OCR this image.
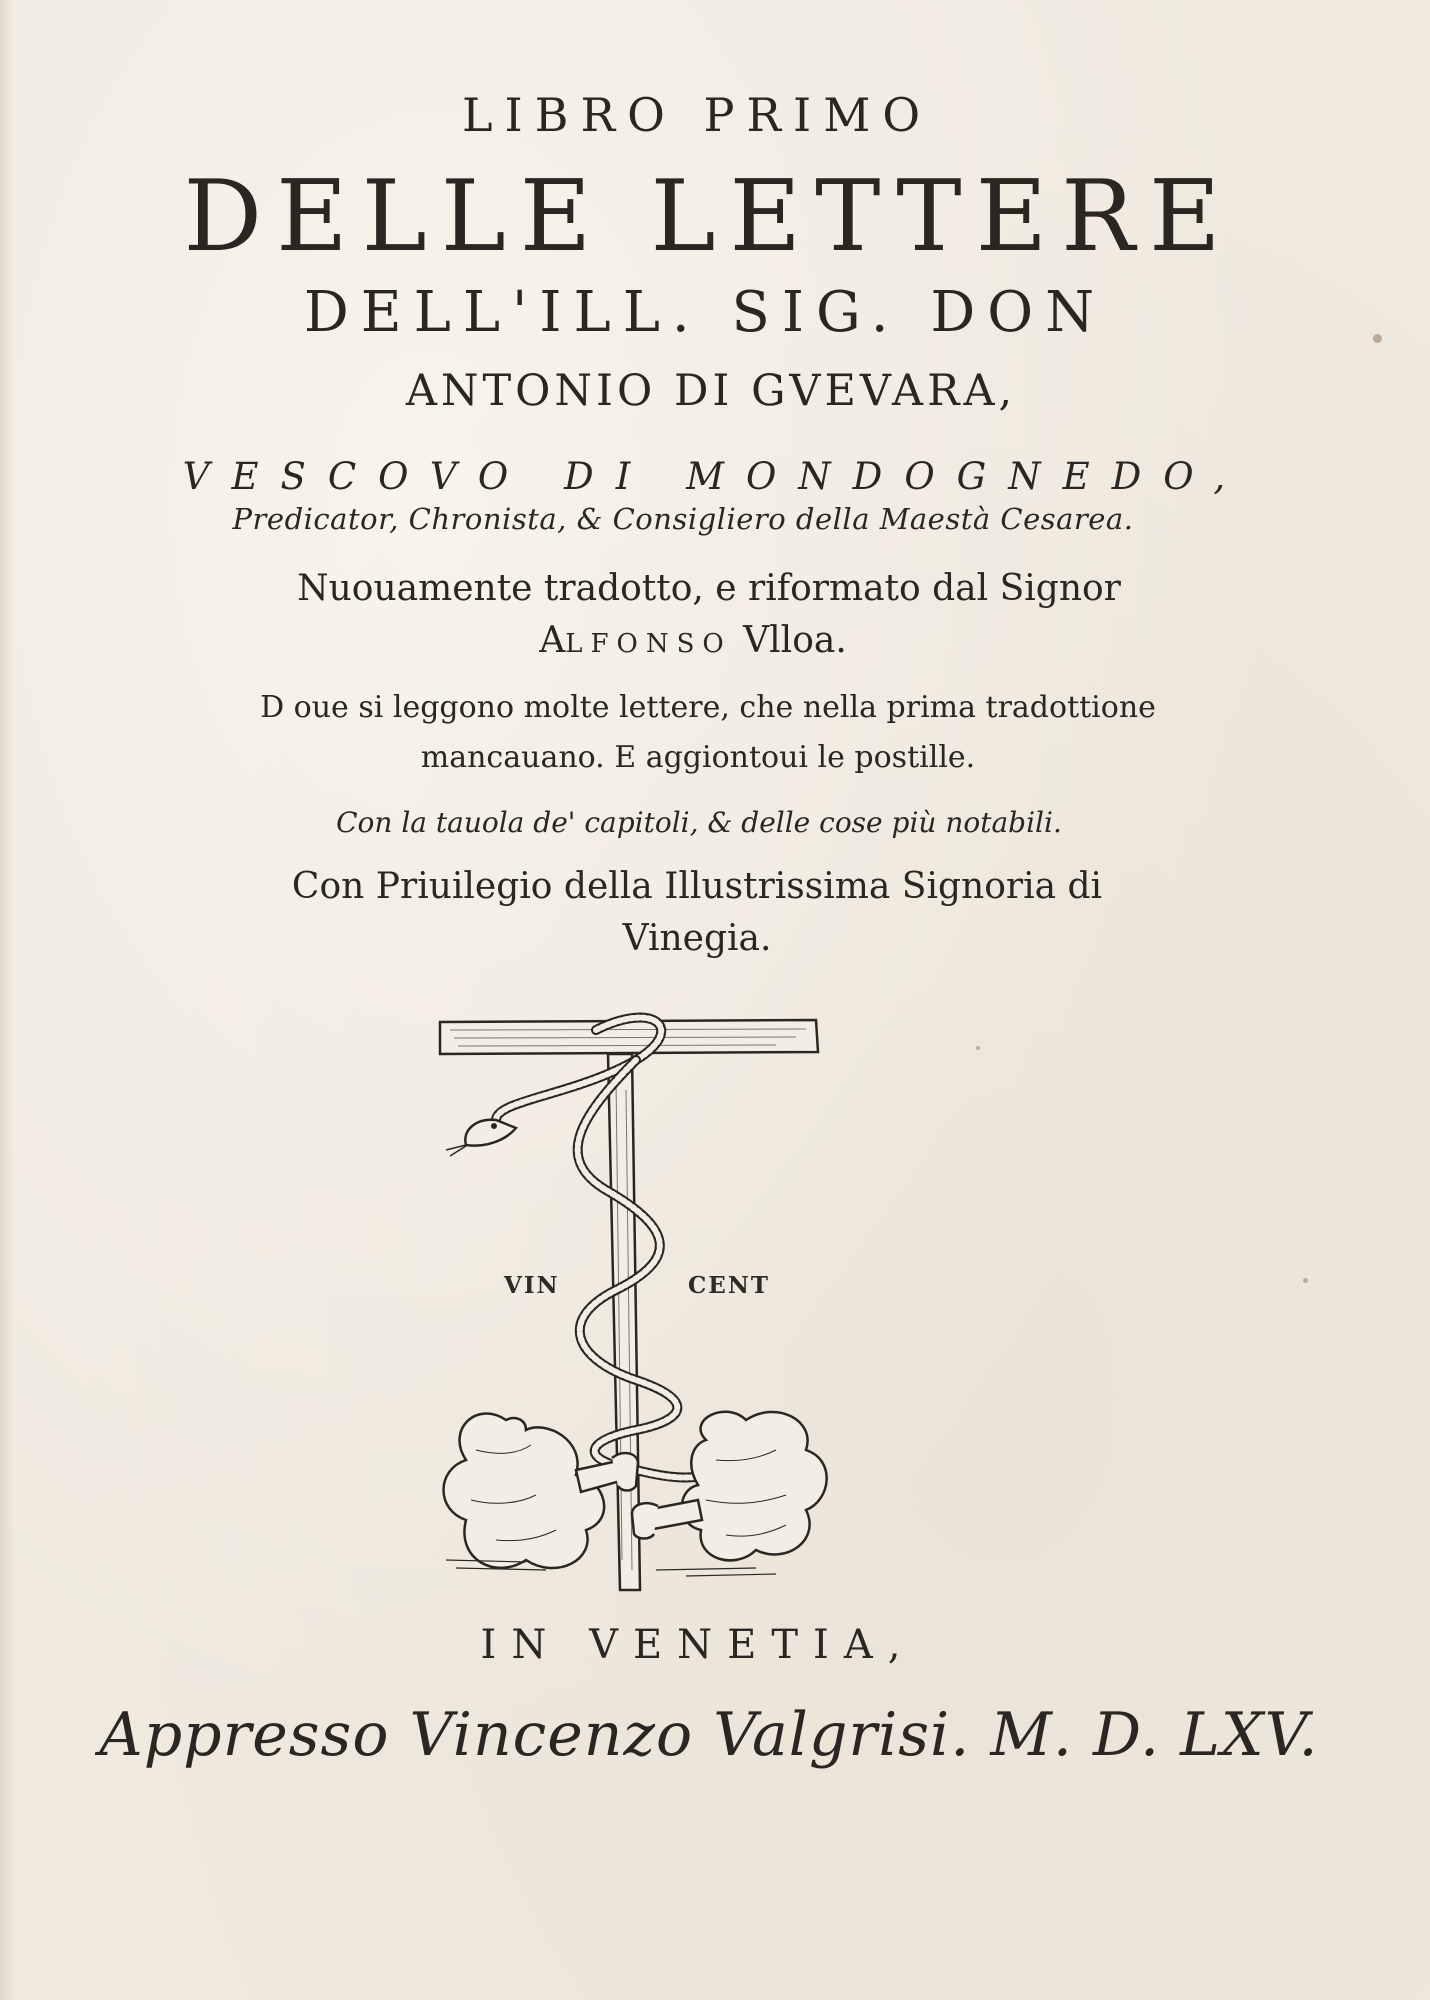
LIBRO PRIMO
DELLE LETTERE
DELL'ILL. SIG. DON
ANTONIO DI GVEVARA,
VESCOVO DI MONDOGNEDO,
Predicator, Chronista, & Consigliero della Maestà Cesarea.
Nuouamente tradotto, e riformato dal Signor
ALFONSO Vlloa.
D oue si leggono molte lettere, che nella prima tradottione
mancauano. E aggiontoui le postille.
Con la tauola de' capitoli, & delle cose più notabili.
Con Priuilegio della Illustrissima Signoria di
Vinegia.
VIN	CENT
IN VENETIA,
Appresso Vincenzo Valgrisi. M. D. LXV.
